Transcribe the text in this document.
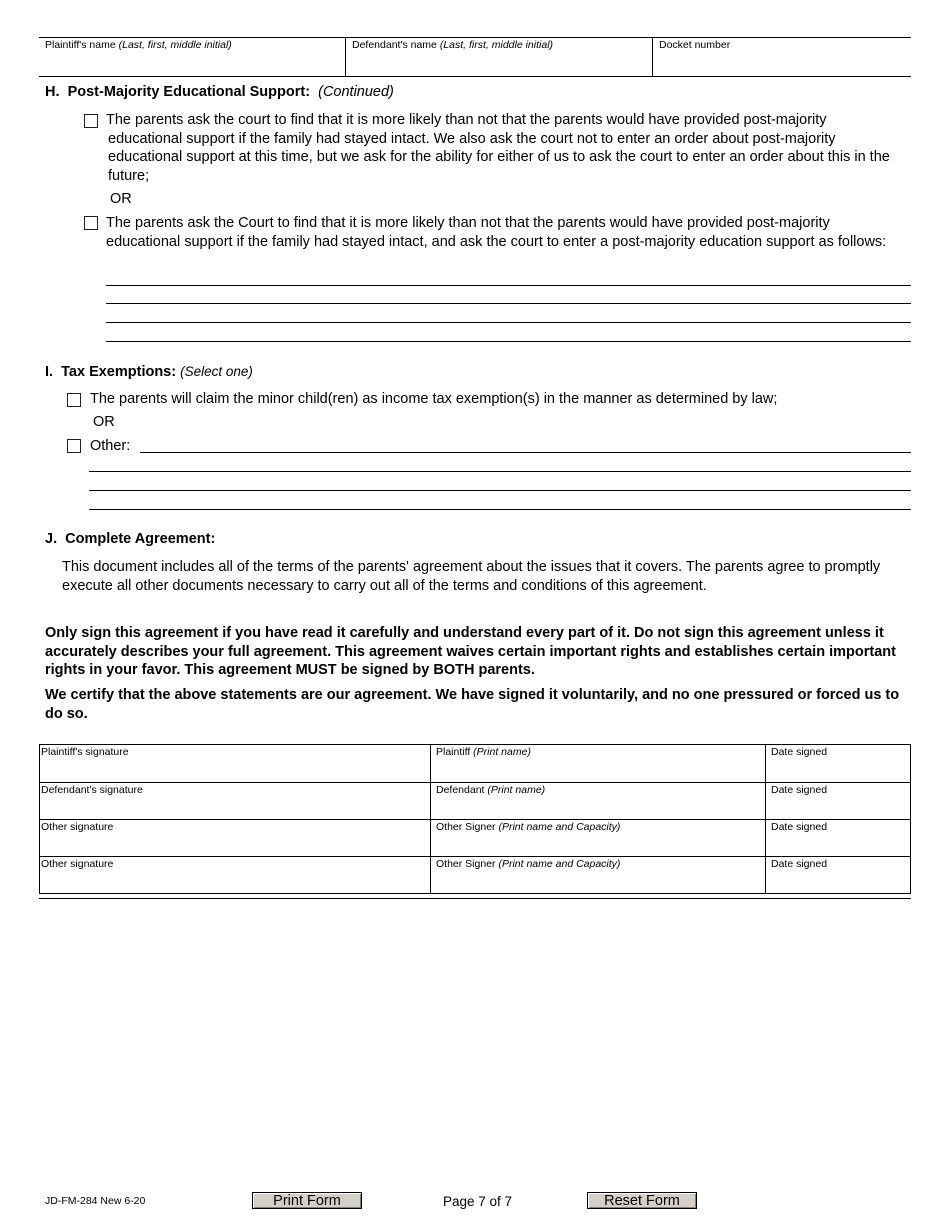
Plaintiff's name (Last, first, middle initial)	Defendant's name (Last, first, middle initial)	Docket number
H. Post-Majority Educational Support: (Continued)
The parents ask the court to find that it is more likely than not that the parents would have provided post-majority educational support if the family had stayed intact. We also ask the court not to enter an order about post-majority educational support at this time, but we ask for the ability for either of us to ask the court to enter an order about this in the future;
OR
The parents ask the Court to find that it is more likely than not that the parents would have provided post-majority educational support if the family had stayed intact, and ask the court to enter a post-majority education support as follows:
I. Tax Exemptions: (Select one)
The parents will claim the minor child(ren) as income tax exemption(s) in the manner as determined by law;
OR
Other:
J. Complete Agreement:
This document includes all of the terms of the parents' agreement about the issues that it covers. The parents agree to promptly execute all other documents necessary to carry out all of the terms and conditions of this agreement.
Only sign this agreement if you have read it carefully and understand every part of it. Do not sign this agreement unless it accurately describes your full agreement. This agreement waives certain important rights and establishes certain important rights in your favor. This agreement MUST be signed by BOTH parents.
We certify that the above statements are our agreement. We have signed it voluntarily, and no one pressured or forced us to do so.
Plaintiff's signature	Plaintiff (Print name)	Date signed
Defendant's signature	Defendant (Print name)	Date signed
Other signature	Other Signer (Print name and Capacity)	Date signed
Other signature	Other Signer (Print name and Capacity)	Date signed
JD-FM-284 New 6-20	Print Form	Page 7 of 7	Reset Form
